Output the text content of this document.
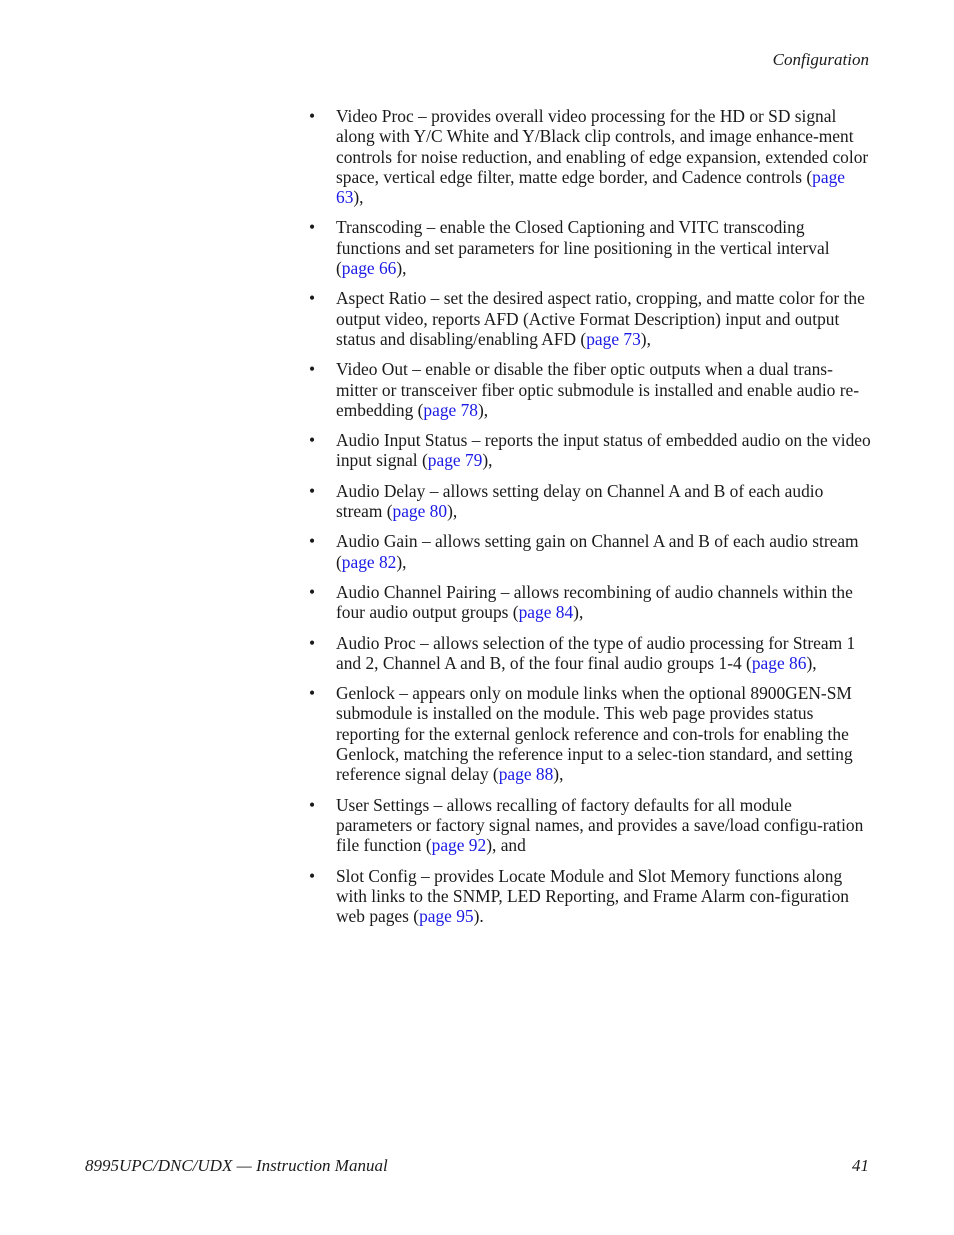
Configuration
• Video Proc – provides overall video processing for the HD or SD signal along with Y/C White and Y/Black clip controls, and image enhance-ment controls for noise reduction, and enabling of edge expansion, extended color space, vertical edge filter, matte edge border, and Cadence controls (page 63),
• Transcoding – enable the Closed Captioning and VITC transcoding functions and set parameters for line positioning in the vertical interval (page 66),
• Aspect Ratio – set the desired aspect ratio, cropping, and matte color for the output video, reports AFD (Active Format Description) input and output status and disabling/enabling AFD (page 73),
• Video Out – enable or disable the fiber optic outputs when a dual trans-mitter or transceiver fiber optic submodule is installed and enable audio re-embedding (page 78),
• Audio Input Status – reports the input status of embedded audio on the video input signal (page 79),
• Audio Delay – allows setting delay on Channel A and B of each audio stream (page 80),
• Audio Gain – allows setting gain on Channel A and B of each audio stream (page 82),
• Audio Channel Pairing – allows recombining of audio channels within the four audio output groups (page 84),
• Audio Proc – allows selection of the type of audio processing for Stream 1 and 2, Channel A and B, of the four final audio groups 1-4 (page 86),
• Genlock – appears only on module links when the optional 8900GEN-SM submodule is installed on the module. This web page provides status reporting for the external genlock reference and con-trols for enabling the Genlock, matching the reference input to a selec-tion standard, and setting reference signal delay (page 88),
• User Settings – allows recalling of factory defaults for all module parameters or factory signal names, and provides a save/load configu-ration file function (page 92), and
• Slot Config – provides Locate Module and Slot Memory functions along with links to the SNMP, LED Reporting, and Frame Alarm con-figuration web pages (page 95).
8995UPC/DNC/UDX — Instruction Manual	41
